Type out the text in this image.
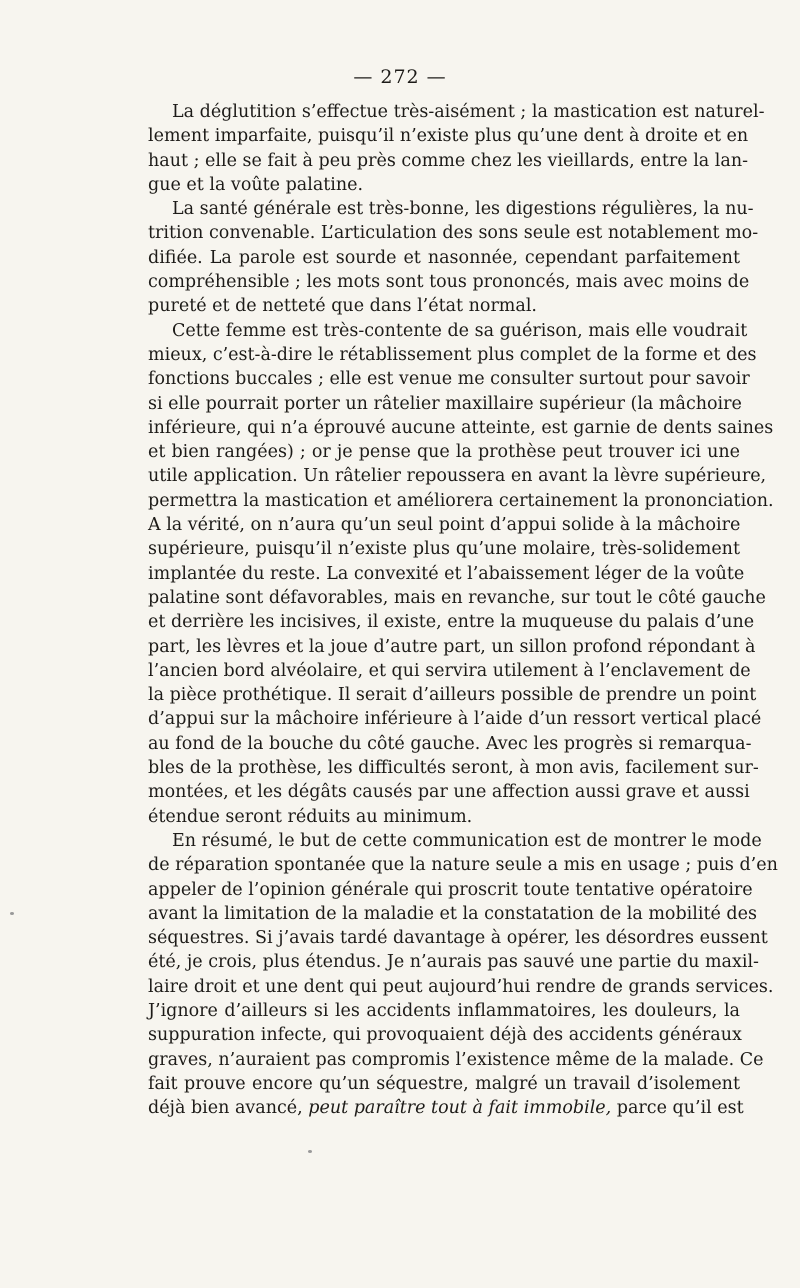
— 272 —
La déglutition s’effectue très-aisément ; la mastication est naturel-
lement imparfaite, puisqu’il n’existe plus qu’une dent à droite et en
haut ; elle se fait à peu près comme chez les vieillards, entre la lan-
gue et la voûte palatine.
La santé générale est très-bonne, les digestions régulières, la nu-
trition convenable. L’articulation des sons seule est notablement mo-
difiée. La parole est sourde et nasonnée, cependant parfaitement
compréhensible ; les mots sont tous prononcés, mais avec moins de
pureté et de netteté que dans l’état normal.
Cette femme est très-contente de sa guérison, mais elle voudrait
mieux, c’est-à-dire le rétablissement plus complet de la forme et des
fonctions buccales ; elle est venue me consulter surtout pour savoir
si elle pourrait porter un râtelier maxillaire supérieur (la mâchoire
inférieure, qui n’a éprouvé aucune atteinte, est garnie de dents saines
et bien rangées) ; or je pense que la prothèse peut trouver ici une
utile application. Un râtelier repoussera en avant la lèvre supérieure,
permettra la mastication et améliorera certainement la prononciation.
A la vérité, on n’aura qu’un seul point d’appui solide à la mâchoire
supérieure, puisqu’il n’existe plus qu’une molaire, très-solidement
implantée du reste. La convexité et l’abaissement léger de la voûte
palatine sont défavorables, mais en revanche, sur tout le côté gauche
et derrière les incisives, il existe, entre la muqueuse du palais d’une
part, les lèvres et la joue d’autre part, un sillon profond répondant à
l’ancien bord alvéolaire, et qui servira utilement à l’enclavement de
la pièce prothétique. Il serait d’ailleurs possible de prendre un point
d’appui sur la mâchoire inférieure à l’aide d’un ressort vertical placé
au fond de la bouche du côté gauche. Avec les progrès si remarqua-
bles de la prothèse, les difficultés seront, à mon avis, facilement sur-
montées, et les dégâts causés par une affection aussi grave et aussi
étendue seront réduits au minimum.
En résumé, le but de cette communication est de montrer le mode
de réparation spontanée que la nature seule a mis en usage ; puis d’en
appeler de l’opinion générale qui proscrit toute tentative opératoire
avant la limitation de la maladie et la constatation de la mobilité des
séquestres. Si j’avais tardé davantage à opérer, les désordres eussent
été, je crois, plus étendus. Je n’aurais pas sauvé une partie du maxil-
laire droit et une dent qui peut aujourd’hui rendre de grands services.
J’ignore d’ailleurs si les accidents inflammatoires, les douleurs, la
suppuration infecte, qui provoquaient déjà des accidents généraux
graves, n’auraient pas compromis l’existence même de la malade. Ce
fait prouve encore qu’un séquestre, malgré un travail d’isolement
déjà bien avancé, peut paraître tout à fait immobile, parce qu’il est
